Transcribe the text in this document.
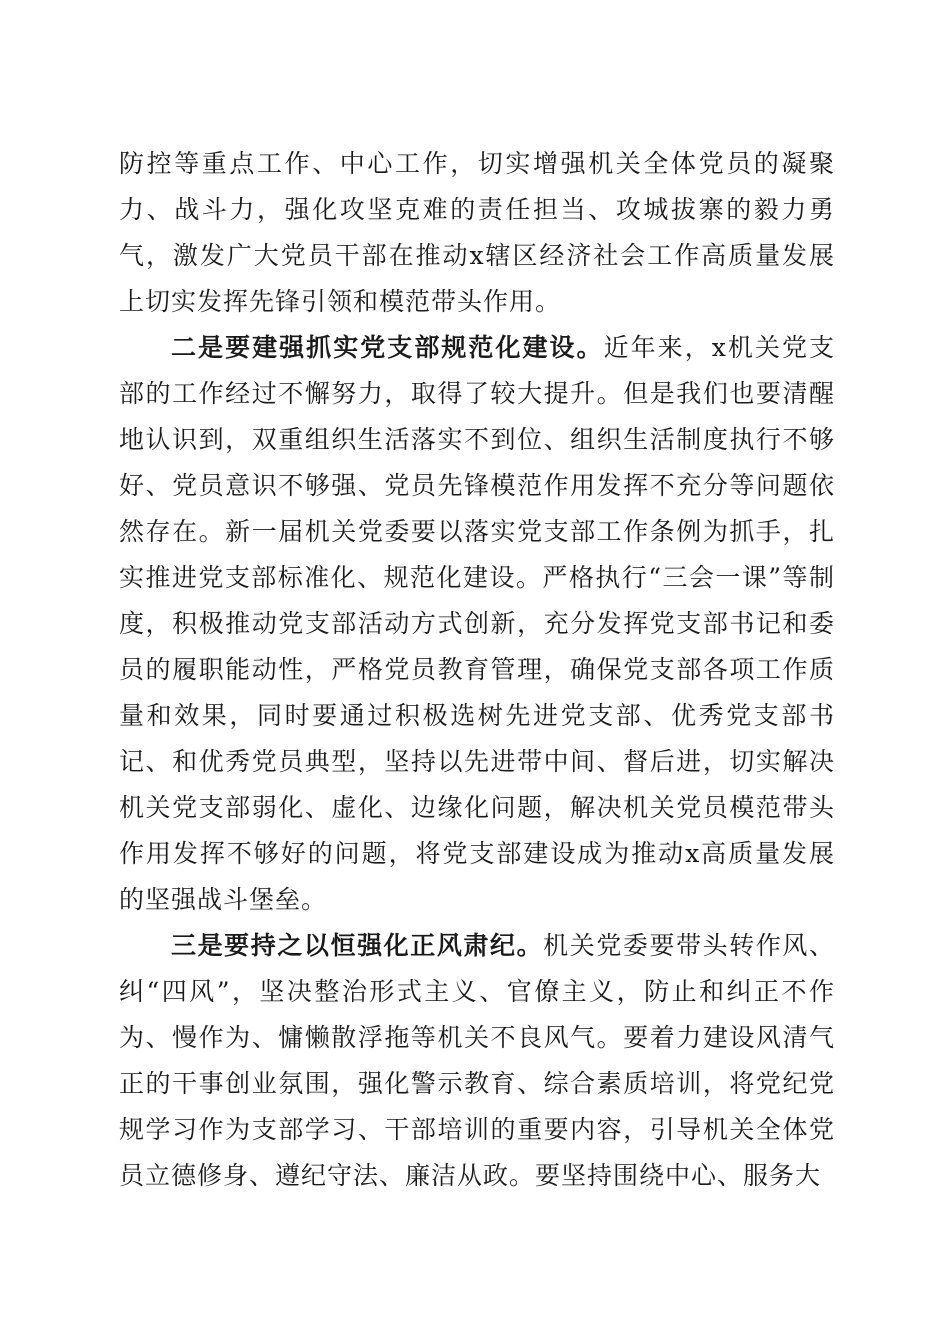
防控等重点工作、中心工作，切实增强机关全体党员的凝聚力、战斗力，强化攻坚克难的责任担当、攻城拔寨的毅力勇气，激发广大党员干部在推动x辖区经济社会工作高质量发展上切实发挥先锋引领和模范带头作用。

二是要建强抓实党支部规范化建设。近年来，x机关党支部的工作经过不懈努力，取得了较大提升。但是我们也要清醒地认识到，双重组织生活落实不到位、组织生活制度执行不够好、党员意识不够强、党员先锋模范作用发挥不充分等问题依然存在。新一届机关党委要以落实党支部工作条例为抓手，扎实推进党支部标准化、规范化建设。严格执行“三会一课”等制度，积极推动党支部活动方式创新，充分发挥党支部书记和委员的履职能动性，严格党员教育管理，确保党支部各项工作质量和效果，同时要通过积极选树先进党支部、优秀党支部书记、和优秀党员典型，坚持以先进带中间、督后进，切实解决机关党支部弱化、虚化、边缘化问题，解决机关党员模范带头作用发挥不够好的问题，将党支部建设成为推动x高质量发展的坚强战斗堡垒。

三是要持之以恒强化正风肃纪。机关党委要带头转作风、纠“四风”，坚决整治形式主义、官僚主义，防止和纠正不作为、慢作为、慵懒散浮拖等机关不良风气。要着力建设风清气正的干事创业氛围，强化警示教育、综合素质培训，将党纪党规学习作为支部学习、干部培训的重要内容，引导机关全体党员立德修身、遵纪守法、廉洁从政。要坚持围绕中心、服务大
